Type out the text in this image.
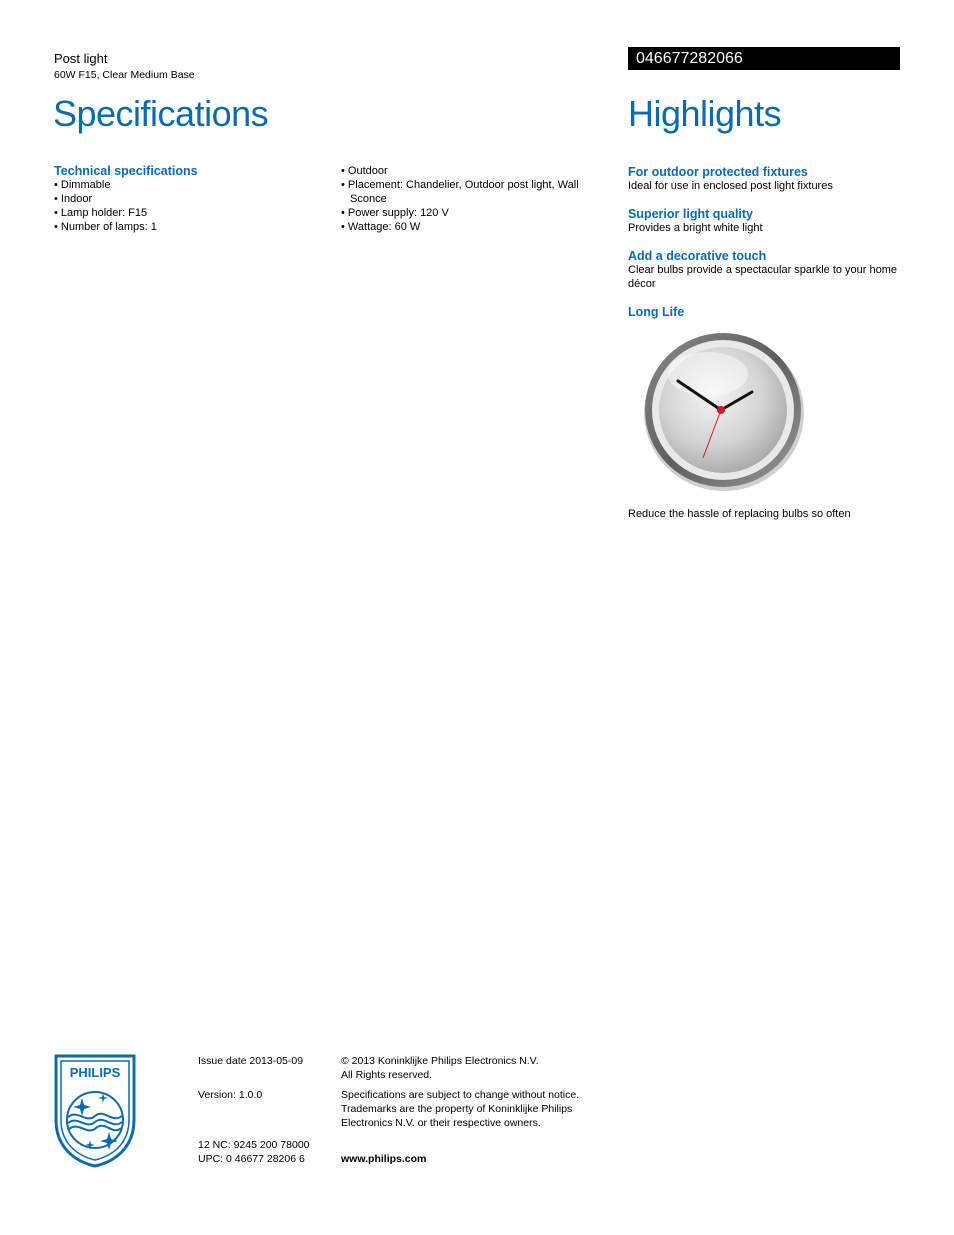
Post light
60W F15, Clear Medium Base
046677282066
Specifications	Highlights
Technical specifications
• Dimmable
• Indoor
• Lamp holder: F15
• Number of lamps: 1
• Outdoor
• Placement: Chandelier, Outdoor post light, Wall Sconce
• Power supply: 120 V
• Wattage: 60 W
For outdoor protected fixtures
Ideal for use in enclosed post light fixtures
Superior light quality
Provides a bright white light
Add a decorative touch
Clear bulbs provide a spectacular sparkle to your home décor
Long Life
Reduce the hassle of replacing bulbs so often
PHILIPS
Issue date 2013-05-09
Version: 1.0.0
12 NC: 9245 200 78000
UPC: 0 46677 28206 6
© 2013 Koninklijke Philips Electronics N.V.
All Rights reserved.
Specifications are subject to change without notice.
Trademarks are the property of Koninklijke Philips
Electronics N.V. or their respective owners.
www.philips.com
